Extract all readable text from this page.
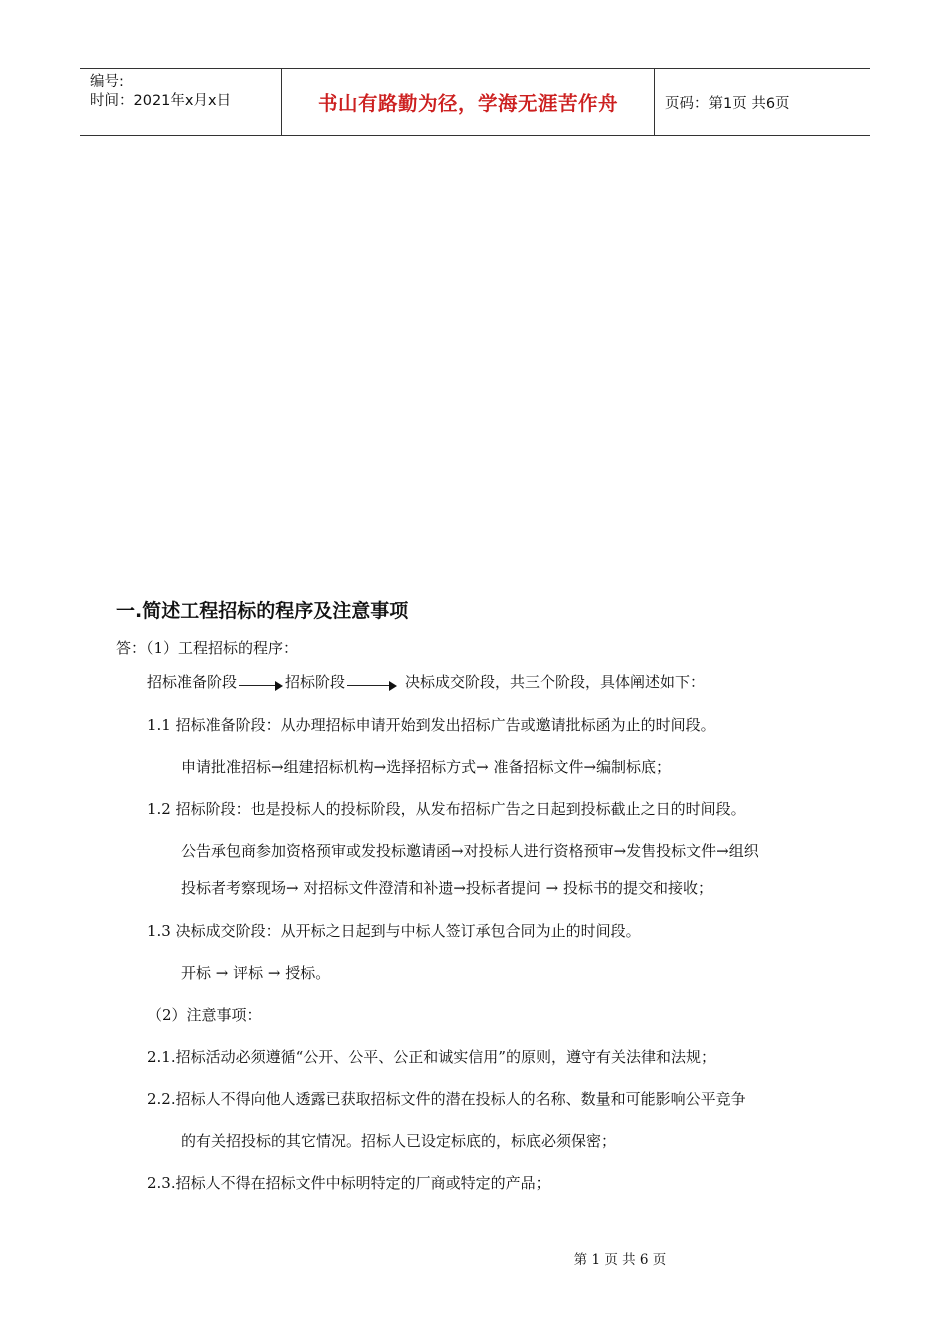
编号:
时间：2021年x月x日	书山有路勤为径，学海无涯苦作舟	页码：第1页 共6页
一.简述工程招标的程序及注意事项
答：（1）工程招标的程序：
招标准备阶段	招标阶段	决标成交阶段，共三个阶段，具体阐述如下：
1.1 招标准备阶段：从办理招标申请开始到发出招标广告或邀请批标函为止的时间段。
申请批准招标→组建招标机构→选择招标方式→ 准备招标文件→编制标底；
1.2 招标阶段：也是投标人的投标阶段，从发布招标广告之日起到投标截止之日的时间段。
公告承包商参加资格预审或发投标邀请函→对投标人进行资格预审→发售投标文件→组织
投标者考察现场→ 对招标文件澄清和补遗→投标者提问 → 投标书的提交和接收；
1.3 决标成交阶段：从开标之日起到与中标人签订承包合同为止的时间段。
开标 → 评标 → 授标。
（2）注意事项：
2.1.招标活动必须遵循“公开、公平、公正和诚实信用”的原则，遵守有关法律和法规；
2.2.招标人不得向他人透露已获取招标文件的潜在投标人的名称、数量和可能影响公平竞争
的有关招投标的其它情况。招标人已设定标底的，标底必须保密；
2.3.招标人不得在招标文件中标明特定的厂商或特定的产品；
第 1 页 共 6 页
